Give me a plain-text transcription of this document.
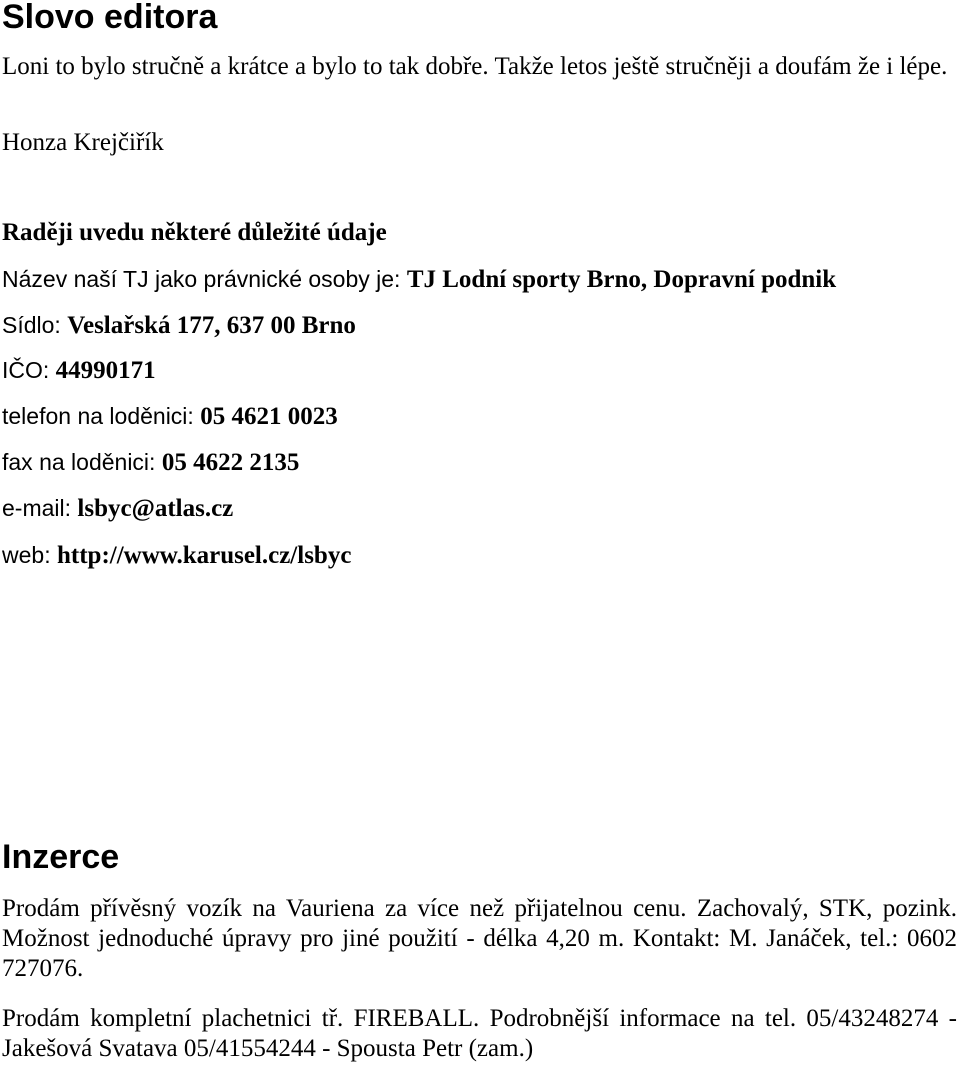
Slovo editora

Loni to bylo stručně a krátce a bylo to tak dobře. Takže letos ještě stručněji a doufám že i lépe.

Honza Krejčiřík

Raději uvedu některé důležité údaje

Název naší TJ jako právnické osoby je: TJ Lodní sporty Brno, Dopravní podnik

Sídlo: Veslařská 177, 637 00 Brno

IČO: 44990171

telefon na loděnici: 05 4621 0023

fax na loděnici: 05 4622 2135

e-mail: lsbyc@atlas.cz

web: http://www.karusel.cz/lsbyc

Inzerce

Prodám přívěsný vozík na Vauriena za více než přijatelnou cenu. Zachovalý, STK, pozink. Možnost jednoduché úpravy pro jiné použití - délka 4,20 m. Kontakt: M. Janáček, tel.: 0602 727076.

Prodám kompletní plachetnici tř. FIREBALL. Podrobnější informace na tel. 05/43248274 - Jakešová Svatava 05/41554244 - Spousta Petr (zam.)
